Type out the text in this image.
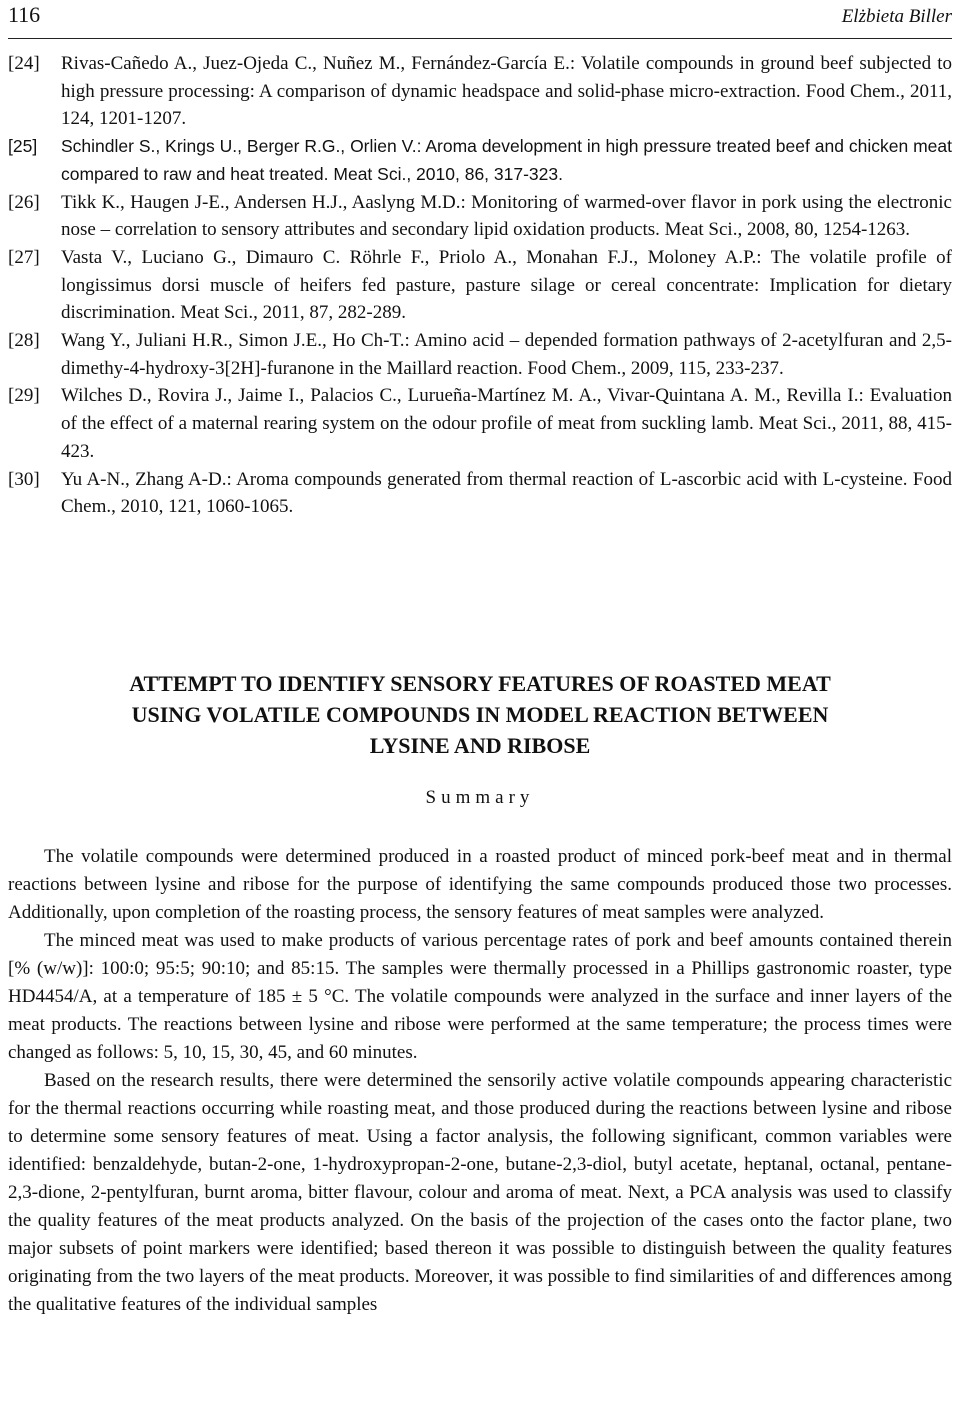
116	Elżbieta Biller
[24] Rivas-Cañedo A., Juez-Ojeda C., Nuñez M., Fernández-García E.: Volatile compounds in ground beef subjected to high pressure processing: A comparison of dynamic headspace and solid-phase micro-extraction. Food Chem., 2011, 124, 1201-1207.
[25] Schindler S., Krings U., Berger R.G., Orlien V.: Aroma development in high pressure treated beef and chicken meat compared to raw and heat treated. Meat Sci., 2010, 86, 317-323.
[26] Tikk K., Haugen J-E., Andersen H.J., Aaslyng M.D.: Monitoring of warmed-over flavor in pork using the electronic nose – correlation to sensory attributes and secondary lipid oxidation products. Meat Sci., 2008, 80, 1254-1263.
[27] Vasta V., Luciano G., Dimauro C. Röhrle F., Priolo A., Monahan F.J., Moloney A.P.: The volatile profile of longissimus dorsi muscle of heifers fed pasture, pasture silage or cereal concentrate: Implication for dietary discrimination. Meat Sci., 2011, 87, 282-289.
[28] Wang Y., Juliani H.R., Simon J.E., Ho Ch-T.: Amino acid – depended formation pathways of 2-acetylfuran and 2,5-dimethy-4-hydroxy-3[2H]-furanone in the Maillard reaction. Food Chem., 2009, 115, 233-237.
[29] Wilches D., Rovira J., Jaime I., Palacios C., Lurueña-Martínez M. A., Vivar-Quintana A. M., Revilla I.: Evaluation of the effect of a maternal rearing system on the odour profile of meat from suckling lamb. Meat Sci., 2011, 88, 415-423.
[30] Yu A-N., Zhang A-D.: Aroma compounds generated from thermal reaction of L-ascorbic acid with L-cysteine. Food Chem., 2010, 121, 1060-1065.
ATTEMPT TO IDENTIFY SENSORY FEATURES OF ROASTED MEAT
USING VOLATILE COMPOUNDS IN MODEL REACTION BETWEEN
LYSINE AND RIBOSE
Summary

The volatile compounds were determined produced in a roasted product of minced pork-beef meat and in thermal reactions between lysine and ribose for the purpose of identifying the same compounds produced those two processes. Additionally, upon completion of the roasting process, the sensory features of meat samples were analyzed.

The minced meat was used to make products of various percentage rates of pork and beef amounts contained therein [% (w/w)]: 100:0; 95:5; 90:10; and 85:15. The samples were thermally processed in a Phillips gastronomic roaster, type HD4454/A, at a temperature of 185 ± 5 °C. The volatile compounds were analyzed in the surface and inner layers of the meat products. The reactions between lysine and ribose were performed at the same temperature; the process times were changed as follows: 5, 10, 15, 30, 45, and 60 minutes.

Based on the research results, there were determined the sensorily active volatile compounds appearing characteristic for the thermal reactions occurring while roasting meat, and those produced during the reactions between lysine and ribose to determine some sensory features of meat. Using a factor analysis, the following significant, common variables were identified: benzaldehyde, butan-2-one, 1-hydroxypropan-2-one, butane-2,3-diol, butyl acetate, heptanal, octanal, pentane-2,3-dione, 2-pentylfuran, burnt aroma, bitter flavour, colour and aroma of meat. Next, a PCA analysis was used to classify the quality features of the meat products analyzed. On the basis of the projection of the cases onto the factor plane, two major subsets of point markers were identified; based thereon it was possible to distinguish between the quality features originating from the two layers of the meat products. Moreover, it was possible to find similarities of and differences among the qualitative features of the individual samples
